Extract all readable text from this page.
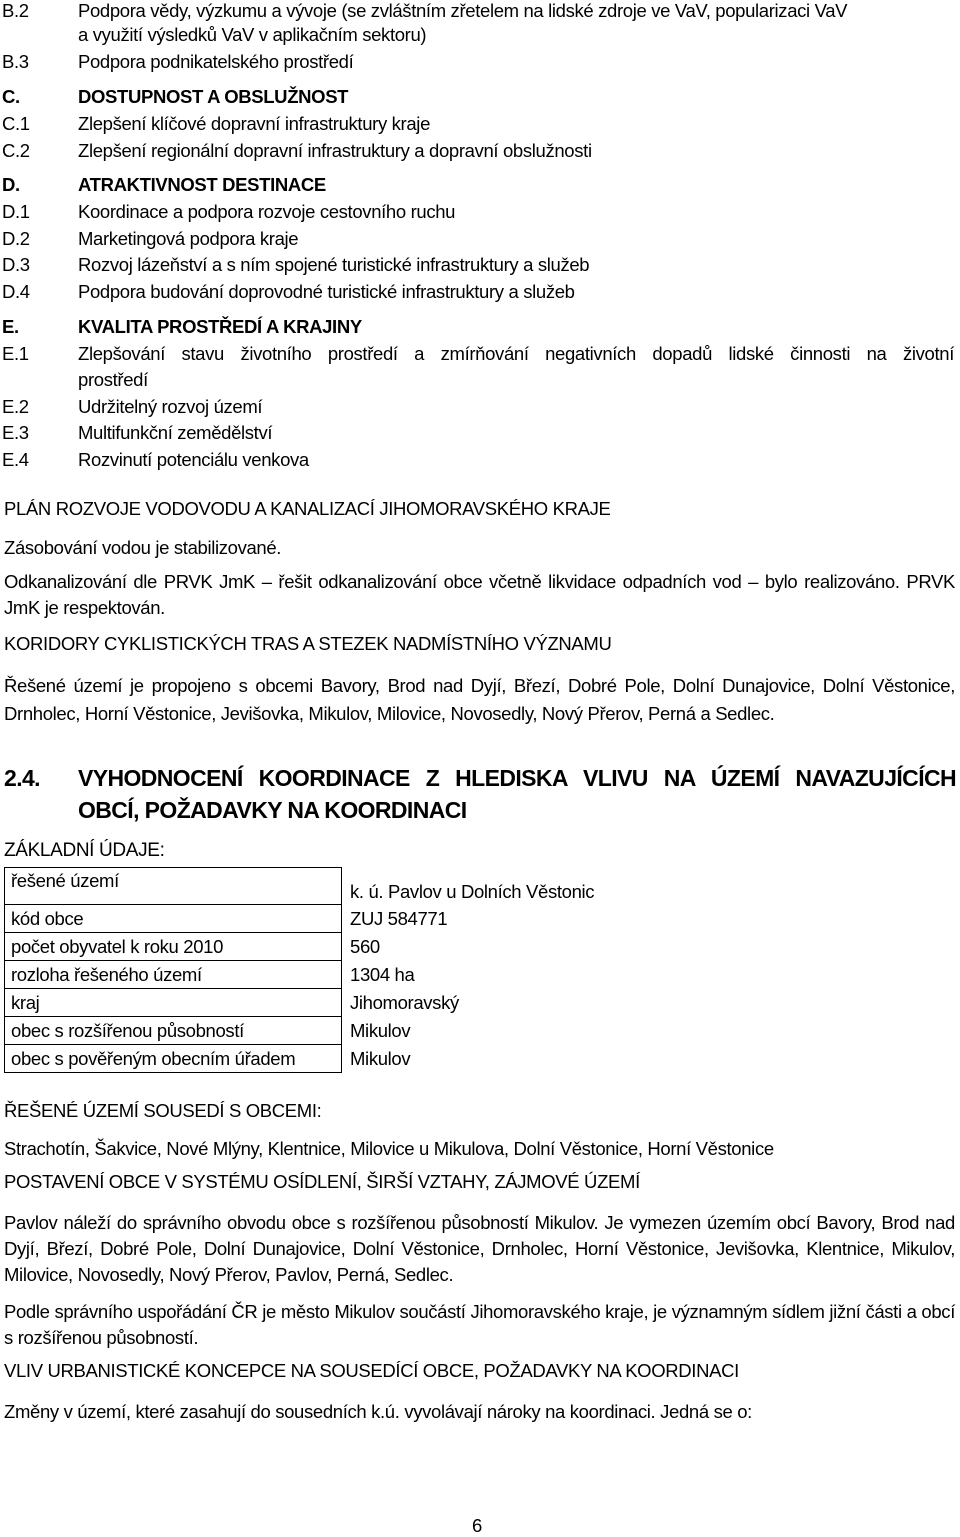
B.2	Podpora vědy, výzkumu a vývoje (se zvláštním zřetelem na lidské zdroje ve VaV, popularizaci VaV
a využití výsledků VaV v aplikačním sektoru)
B.3	Podpora podnikatelského prostředí
C.	DOSTUPNOST A OBSLUŽNOST
C.1	Zlepšení klíčové dopravní infrastruktury kraje
C.2	Zlepšení regionální dopravní infrastruktury a dopravní obslužnosti
D.	ATRAKTIVNOST DESTINACE
D.1	Koordinace a podpora rozvoje cestovního ruchu
D.2	Marketingová podpora kraje
D.3	Rozvoj lázeňství a s ním spojené turistické infrastruktury a služeb
D.4	Podpora budování doprovodné turistické infrastruktury a služeb
E.	KVALITA PROSTŘEDÍ A KRAJINY
E.1	Zlepšování stavu životního prostředí a zmírňování negativních dopadů lidské činnosti na životní
prostředí
E.2	Udržitelný rozvoj území
E.3	Multifunkční zemědělství
E.4	Rozvinutí potenciálu venkova
PLÁN ROZVOJE VODOVODU A KANALIZACÍ JIHOMORAVSKÉHO KRAJE
Zásobování vodou je stabilizované.
Odkanalizování dle PRVK JmK – řešit odkanalizování obce včetně likvidace odpadních vod – bylo realizováno. PRVK JmK je respektován.
KORIDORY CYKLISTICKÝCH TRAS A STEZEK NADMÍSTNÍHO VÝZNAMU
Řešené území je propojeno s obcemi Bavory, Brod nad Dyjí, Březí, Dobré Pole, Dolní Dunajovice, Dolní Věstonice, Drnholec, Horní Věstonice, Jevišovka, Mikulov, Milovice, Novosedly, Nový Přerov, Perná a Sedlec.
2.4. VYHODNOCENÍ KOORDINACE Z HLEDISKA VLIVU NA ÚZEMÍ NAVAZUJÍCÍCH
OBCÍ, POŽADAVKY NA KOORDINACI
ZÁKLADNÍ ÚDAJE:
řešené území	k. ú. Pavlov u Dolních Věstonic
kód obce	ZUJ 584771
počet obyvatel k roku 2010	560
rozloha řešeného území	1304 ha
kraj	Jihomoravský
obec s rozšířenou působností	Mikulov
obec s pověřeným obecním úřadem	Mikulov
ŘEŠENÉ ÚZEMÍ SOUSEDÍ S OBCEMI:
Strachotín, Šakvice, Nové Mlýny, Klentnice, Milovice u Mikulova, Dolní Věstonice, Horní Věstonice
POSTAVENÍ OBCE V SYSTÉMU OSÍDLENÍ, ŠIRŠÍ VZTAHY, ZÁJMOVÉ ÚZEMÍ
Pavlov náleží do správního obvodu obce s rozšířenou působností Mikulov. Je vymezen územím obcí Bavory, Brod nad Dyjí, Březí, Dobré Pole, Dolní Dunajovice, Dolní Věstonice, Drnholec, Horní Věstonice, Jevišovka, Klentnice, Mikulov, Milovice, Novosedly, Nový Přerov, Pavlov, Perná, Sedlec.
Podle správního uspořádání ČR je město Mikulov součástí Jihomoravského kraje, je významným sídlem jižní části a obcí s rozšířenou působností.
VLIV URBANISTICKÉ KONCEPCE NA SOUSEDÍCÍ OBCE, POŽADAVKY NA KOORDINACI
Změny v území, které zasahují do sousedních k.ú. vyvolávají nároky na koordinaci. Jedná se o:
6
